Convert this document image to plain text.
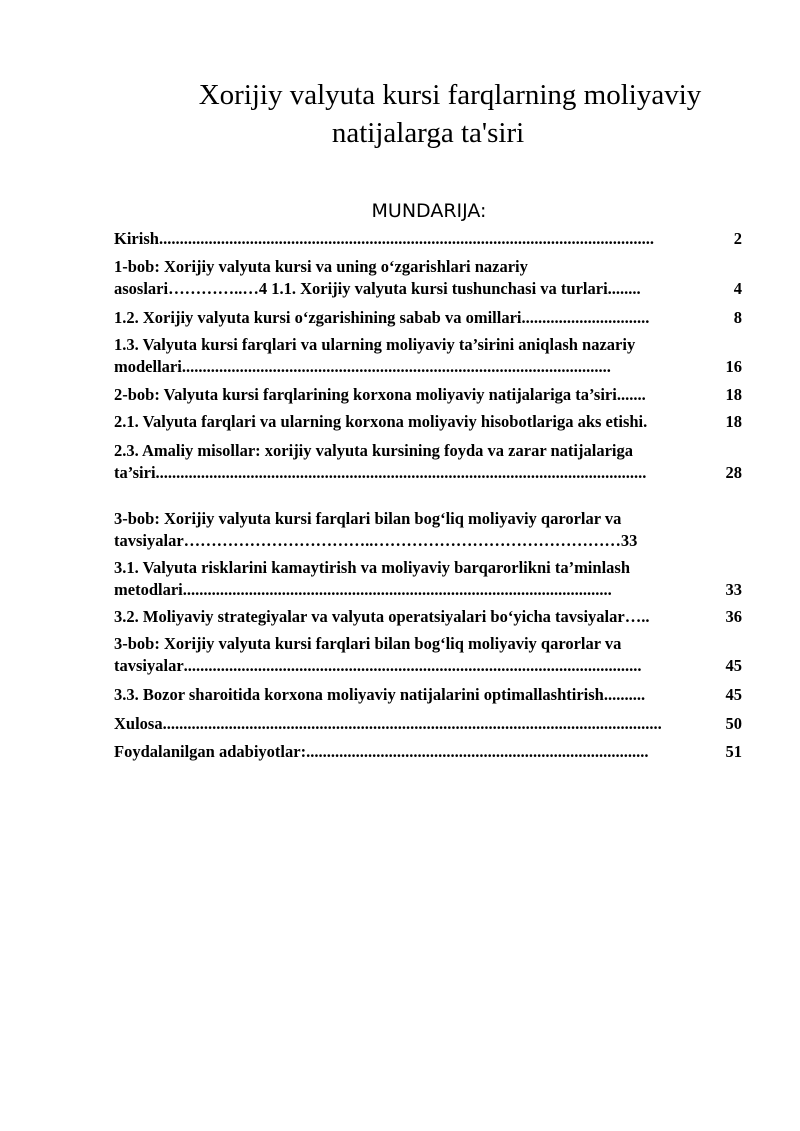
Xorijiy valyuta kursi farqlarning moliyaviy
natijalarga ta'siri
MUNDARIJA:
Kirish ........................................................................................................................	2
1-bob: Xorijiy valyuta kursi va uning o‘zgarishlari nazariy
asoslari…………..…4 1.1. Xorijiy valyuta kursi tushunchasi va turlari ........	4
1.2. Xorijiy valyuta kursi o‘zgarishining sabab va omillari ...............................	8
1.3. Valyuta kursi farqlari va ularning moliyaviy ta’sirini aniqlash nazariy
modellari ........................................................................................................	16
2-bob: Valyuta kursi farqlarining korxona moliyaviy natijalariga ta’siri .......	18
2.1. Valyuta farqlari va ularning korxona moliyaviy hisobotlariga aks etishi .	18
2.3. Amaliy misollar: xorijiy valyuta kursining foyda va zarar natijalariga
ta’siri .......................................................................................................................	28
3-bob: Xorijiy valyuta kursi farqlari bilan bog‘liq moliyaviy qarorlar va
tavsiyalar……………………………..………………………………………33
3.1. Valyuta risklarini kamaytirish va moliyaviy barqarorlikni ta’minlash
metodlari ........................................................................................................	33
3.2. Moliyaviy strategiyalar va valyuta operatsiyalari bo‘yicha tavsiyalar …..	36
3-bob: Xorijiy valyuta kursi farqlari bilan bog‘liq moliyaviy qarorlar va
tavsiyalar ...............................................................................................................	45
3.3. Bozor sharoitida korxona moliyaviy natijalarini optimallashtirish ..........	45
Xulosa .........................................................................................................................	50
Foydalanilgan adabiyotlar: ...................................................................................	51
